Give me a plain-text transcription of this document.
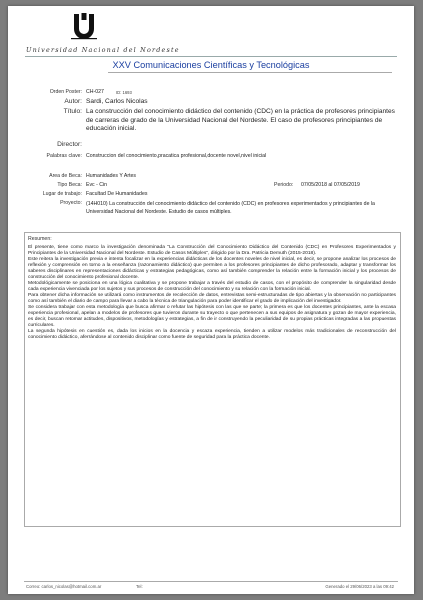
Universidad Nacional del Nordeste
XXV Comunicaciones Científicas y Tecnológicas
Orden Poster: CH-027	ID: 1693
Autor: Sardi, Carlos Nicolas
Título: La construcción del conocimiento didáctico del contenido (CDC) en la práctica de profesores principiantes de carreras de grado de la Universidad Nacional del Nordeste. El caso de profesores principiantes de educación inicial.
Director:
Palabras clave: Construccion del conocimiento,pracatica profesional,docente novel,nivel inicial
Area de Beca: Humanidades Y Artes
Tipo Beca: Evc - Cin	Periodo: 07/05/2018 al 07/05/2019
Lugar de trabajo: Facultad De Humanidades
Proyecto: (14H010) La construcción del conocimiento didáctico del contenido (CDC) en profesores experimentados y principiantes de la Universidad Nacional del Nordeste. Estudio de casos múltiples.
Resumen:

El presente, tiene como marco la investigación denominada "La Construcción del Conocimiento Didáctico del Contenido (CDC) en Profesores Experimentados y Principiantes de la Universidad Nacional del Nordeste. Estudio de Casos Múltiples", dirigido por la Dra. Patricia Demuth (2015-2018).

Este reitera la investigación previa e intenta focalizar en la experiencias didácticas de los docentes noveles de nivel inicial, es decir, se propone analizar los procesos de reflexión y comprensión en torno a la enseñanza (razonamiento didáctico) que permiten a los profesores principiantes de dicho profesorado, adaptar y transformar los saberes disciplinares en representaciones didácticas y estrategias pedagógicas, como así también comprender la relación entre la formación inicial y los procesos de construcción del conocimiento profesional docente.

Metodológicamente se posiciona en una lógica cualitativa y se propone trabajar a través del estudio de casos, con el propósito de comprender la singularidad desde cada experiencia vivenciada por los sujetos y sus procesos de construcción del conocimiento y su relación con la formación inicial.

Para obtener dicha información se utilizará como instrumentos de recolección de datos, entrevistas semi-estructuradas de tipo abiertas y la observación no participantes como así también el diario de campo para llevar a cabo la técnica de triangulación para poder identificar el grado de implicación del investigador.

Se considera trabajar con esta metodología que busca afirmar o refutar las hipótesis con las que se parte; la primera es que los docentes principiantes, ante la escasa experiencia profesional, apelan a modelos de profesores que tuvieron durante su trayecto o que pertenecen a sus equipos de asignatura y gozan de mayor experiencia, es decir, buscan retomar actitudes, dispositivos, metodologías y estrategias, a fin de ir construyendo la peculiaridad de su propias prácticas integradas a las propuestas curriculares.

La segunda hipótesis en cuestión es, dada los inicios en la docencia y escaza experiencia, tienden a utilizar modelos más tradicionales de reconstrucción del conocimiento didáctico, aferrándose al contenido disciplinar como fuente de seguridad para la práctica docente.

Correo: carlos_nicolas@hotmail.com.ar	Tel:	Generado el 29/06/2023 a las 09:42
